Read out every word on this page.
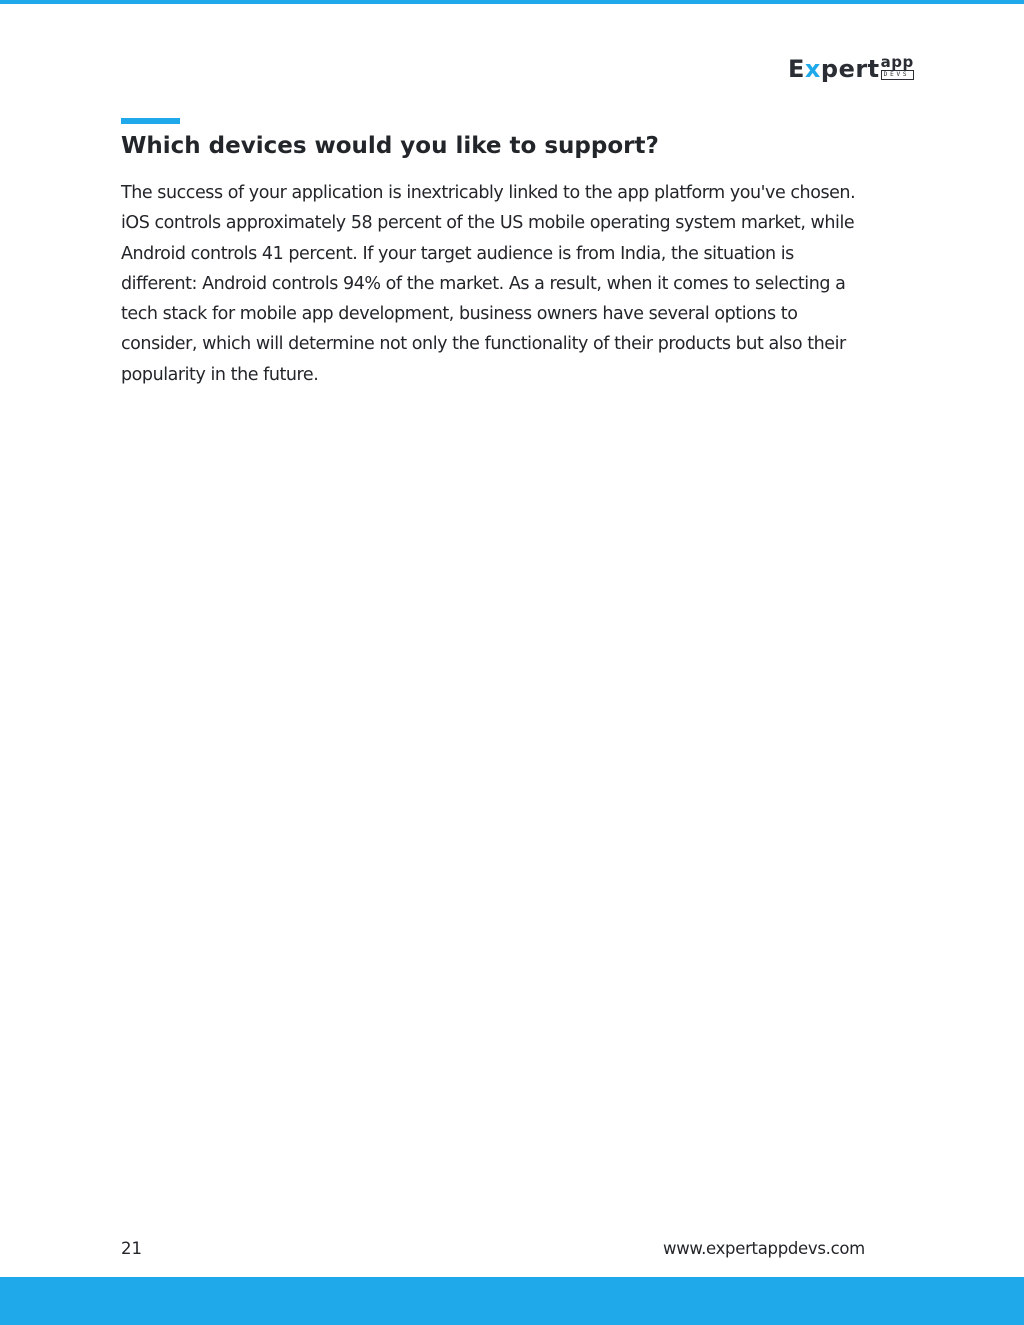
E x pert app
DEVS
Which devices would you like to support?

The success of your application is inextricably linked to the app platform you've chosen.
iOS controls approximately 58 percent of the US mobile operating system market, while
Android controls 41 percent. If your target audience is from India, the situation is
different: Android controls 94% of the market. As a result, when it comes to selecting a
tech stack for mobile app development, business owners have several options to
consider, which will determine not only the functionality of their products but also their
popularity in the future.

21	www.expertappdevs.com
